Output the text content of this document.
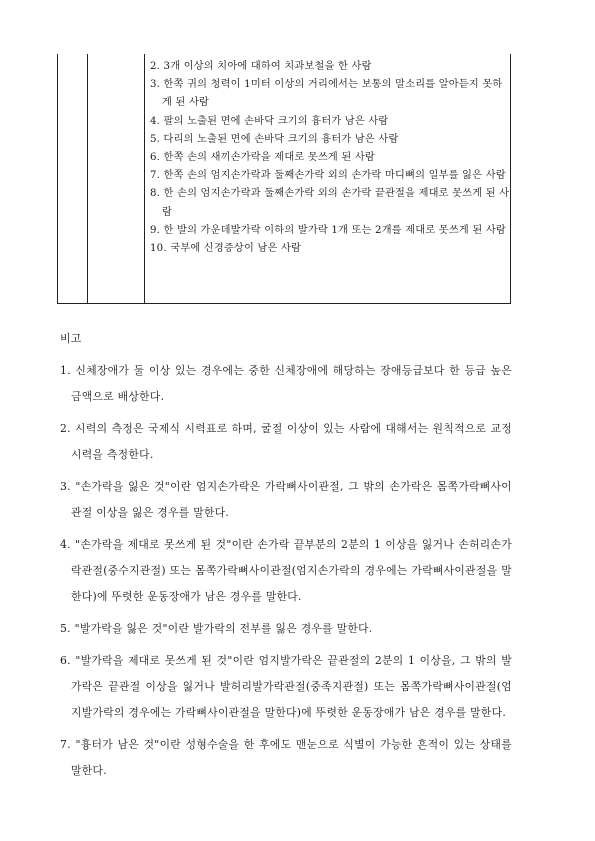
2. 3개 이상의 치아에 대하여 치과보철을 한 사람
3. 한쪽 귀의 청력이 1미터 이상의 거리에서는 보통의 말소리를 알아듣지 못하게 된 사람
4. 팔의 노출된 면에 손바닥 크기의 흉터가 남은 사람
5. 다리의 노출된 면에 손바닥 크기의 흉터가 남은 사람
6. 한쪽 손의 새끼손가락을 제대로 못쓰게 된 사람
7. 한쪽 손의 엄지손가락과 둘째손가락 외의 손가락 마디뼈의 일부를 잃은 사람
8. 한 손의 엄지손가락과 둘째손가락 외의 손가락 끝관절을 제대로 못쓰게 된 사람
9. 한 발의 가운데발가락 이하의 발가락 1개 또는 2개를 제대로 못쓰게 된 사람
10. 국부에 신경증상이 남은 사람
비고
1. 신체장애가 둘 이상 있는 경우에는 중한 신체장애에 해당하는 장애등급보다 한 등급 높은 금액으로 배상한다.
2. 시력의 측정은 국제식 시력표로 하며, 굴절 이상이 있는 사람에 대해서는 원칙적으로 교정시력을 측정한다.
3. "손가락을 잃은 것"이란 엄지손가락은 가락뼈사이관절, 그 밖의 손가락은 몸쪽가락뼈사이관절 이상을 잃은 경우를 말한다.
4. "손가락을 제대로 못쓰게 된 것"이란 손가락 끝부분의 2분의 1 이상을 잃거나 손허리손가락관절(중수지관절) 또는 몸쪽가락뼈사이관절(엄지손가락의 경우에는 가락뼈사이관절을 말한다)에 뚜렷한 운동장애가 남은 경우를 말한다.
5. "발가락을 잃은 것"이란 발가락의 전부를 잃은 경우를 말한다.
6. "발가락을 제대로 못쓰게 된 것"이란 엄지발가락은 끝관절의 2분의 1 이상을, 그 밖의 발가락은 끝관절 이상을 잃거나 발허리발가락관절(중족지관절) 또는 몸쪽가락뼈사이관절(엄지발가락의 경우에는 가락뼈사이관절을 말한다)에 뚜렷한 운동장애가 남은 경우를 말한다.
7. "흉터가 남은 것"이란 성형수술을 한 후에도 맨눈으로 식별이 가능한 흔적이 있는 상태를 말한다.
